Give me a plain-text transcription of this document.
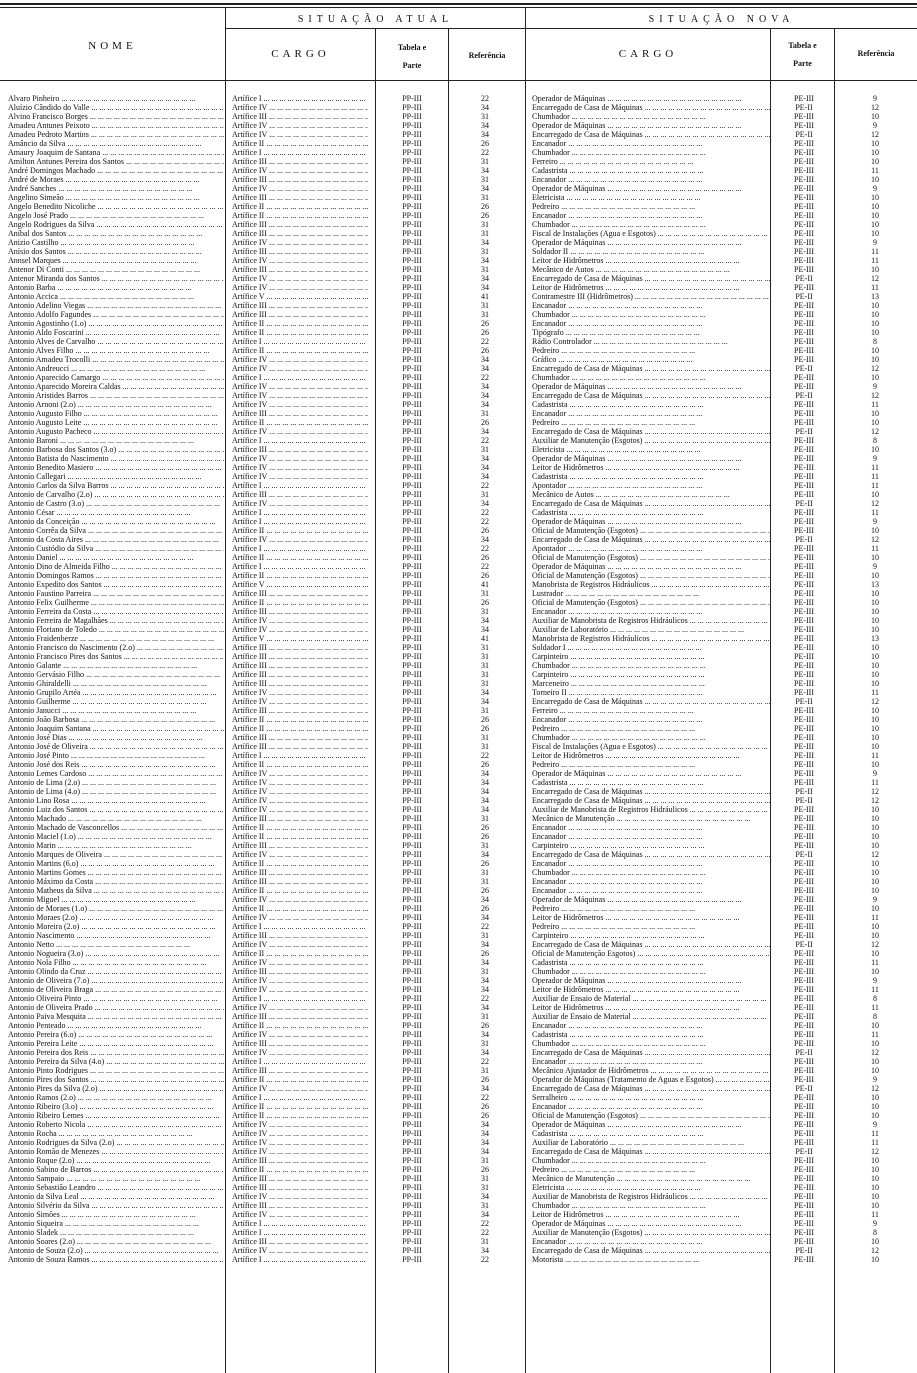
NOME
SITUAÇÃO ATUAL	SITUAÇÃO NOVA
CARGO
Tabela e
Parte
Referência	CARGO
Tabela e
Parte
Referência
Alvaro Pinheiro ... .	Artífice I ... .	PP-III	22	Operador de Máquinas ... .	PE-III	9
Aluízio Cândido do Valle ... .	Artífice IV ... .	PP-III	34	Encarregado de Casa de Máquinas ... .	PE-II	12
Alvino Francisco Borges ... .	Artífice III ... .	PP-III	31	Chumbador ... .	PE-III	10
Amadeu Antunes Peixoto ... .	Artífice IV ... .	PP-III	34	Operador de Máquinas ... .	PE-III	9
Amadeu Pedroto Martins ... .	Artífice IV ... .	PP-III	34	Encarregado de Casa de Máquinas ... .	PE-II	12
Amâncio da Silva ... .	Artífice II ... .	PP-III	26	Encanador ... .	PE-III	10
Amaury Joaquim de Santana ... .	Artífice I ... .	PP-III	22	Chumbador ... .	PE-III	10
Amilton Antunes Pereira dos Santos ... .	Artífice III ... .	PP-III	31	Ferreiro ... .	PE-III	10
André Domingos Machado ... .	Artífice IV ... .	PP-III	34	Cadastrista ... .	PE-III	11
André de Moraes ... .	Artífice III ... .	PP-III	31	Encanador ... .	PE-III	10
André Sanches ... .	Artífice IV ... .	PP-III	34	Operador de Máquinas ... .	PE-III	9
Angelino Simeão ... .	Artífice III ... .	PP-III	31	Eletricista ... .	PE-III	10
Angelo Benedito Nicoliche ... .	Artífice II ... .	PP-III	26	Pedreiro ... .	PE-III	10
Angelo José Prado ... .	Artífice II ... .	PP-III	26	Encanador ... .	PE-III	10
Angelo Rodrigues da Silva ... .	Artífice III ... .	PP-III	31	Chumbador ... .	PE-III	10
Aníbal dos Santos ... .	Artífice III ... .	PP-III	31	Fiscal de Instalações (Agua e Esgotos) ... .	PE-III	10
Anizio Castilho ... .	Artífice IV ... .	PP-III	34	Operador de Máquinas ... .	PE-III	9
Anísio dos Santos ... .	Artífice III ... .	PP-III	31	Soldador II ... .	PE-III	11
Annsel Marques ... .	Artífice IV ... .	PP-III	34	Leitor de Hidrômetros ... .	PE-III	11
Antenor Di Conti ... .	Artífice III ... .	PP-III	31	Mecânico de Autos ... .	PE-III	10
Antenor Miranda dos Santos ... .	Artífice IV ... .	PP-III	34	Encarregado de Casa de Máquinas ... .	PE-II	12
Antonio Barba ... .	Artífice IV ... .	PP-III	34	Leitor de Hidrômetros ... .	PE-III	11
Antonio Accica ... .	Artífice V ... .	PP-III	41	Contramestre III (Hidrômetros) ... .	PE-II	13
Antonio Adelino Viegas ... .	Artífice III ... .	PP-III	31	Encanador ... .	PE-III	10
Antonio Adolfo Fagundes ... .	Artífice III ... .	PP-III	31	Chumbador ... .	PE-III	10
Antonio Agostinho (1.o) ... .	Artífice II ... .	PP-III	26	Encanador ... .	PE-III	10
Antonio Aldo Foscarini ... .	Artífice II ... .	PP-III	26	Tipógrafo ... .	PE-III	10
Antonio Alves de Carvalho ... .	Artífice I ... .	PP-III	22	Rádio Controlador ... .	PE-III	8
Antonio Alves Filho ... .	Artífice II ... .	PP-III	26	Pedreiro ... .	PE-III	10
Antonio Amadeu Trocolli ... .	Artífice IV ... .	PP-III	34	Gráfico ... .	PE-III	10
Antonio Andreucci ... .	Artífice IV ... .	PP-III	34	Encarregado de Casa de Máquinas ... .	PE-II	12
Antonio Aparecido Camargo ... .	Artífice I ... .	PP-III	22	Chumbador ... .	PE-III	10
Antonio Aparecido Moreira Caldas ... .	Artífice IV ... .	PP-III	34	Operador de Máquinas ... .	PE-III	9
Antonio Aristides Barros ... .	Artífice IV ... .	PP-III	34	Encarregado de Casa de Máquinas ... .	PE-II	12
Antonio Arnoni (2.o) ... .	Artífice IV ... .	PP-III	34	Cadastrista ... .	PE-III	11
Antonio Augusto Filho ... .	Artífice III ... .	PP-III	31	Encanador ... .	PE-III	10
Antonio Augusto Leite ... .	Artífice II ... .	PP-III	26	Pedreiro ... .	PE-III	10
Antonio Augusto Pacheco ... .	Artífice IV ... .	PP-III	34	Encarregado de Casa de Máquinas ... .	PE-II	12
Antonio Baroni ... .	Artífice I ... .	PP-III	22	Auxiliar de Manutenção (Esgotos) ... .	PE-III	8
Antonio Barbosa dos Santos (3.o) ... .	Artífice III ... .	PP-III	31	Eletricista ... .	PE-III	10
Antonio Batista do Nascimento ... .	Artífice IV ... .	PP-III	34	Operador de Máquinas ... .	PE-III	9
Antonio Benedito Masiero ... .	Artífice IV ... .	PP-III	34	Leitor de Hidrômetros ... .	PE-III	11
Antonio Callegari ... .	Artífice IV ... .	PP-III	34	Cadastrista ... .	PE-III	11
Antonio Carlos da Silva Barros ... .	Artífice I ... .	PP-III	22	Apontador ... .	PE-III	11
Antonio de Carvalho (2.o) ... .	Artífice III ... .	PP-III	31	Mecânico de Autos ... .	PE-III	10
Antonio de Castro (3.o) ... .	Artífice IV ... .	PP-III	34	Encarregado de Casa de Máquinas ... .	PE-II	12
Antonio César ... .	Artífice I ... .	PP-III	22	Cadastrista ... .	PE-III	11
Antonio da Conceição ... .	Artífice I ... .	PP-III	22	Operador de Máquinas ... .	PE-III	9
Antonio Corrêa da Silva ... .	Artífice II ... .	PP-III	26	Oficial de Manutenção (Esgotos) ... .	PE-III	10
Antonio da Costa Aires ... .	Artífice IV ... .	PP-III	34	Encarregado de Casa de Máquinas ... .	PE-II	12
Antonio Custódio da Silva ... .	Artífice I ... .	PP-III	22	Apontador ... .	PE-III	11
Antonio Daniel ... .	Artífice II ... .	PP-III	26	Oficial de Manutenção (Esgotos) ... .	PE-III	10
Antonio Dino de Almeida Filho ... .	Artífice I ... .	PP-III	22	Operador de Máquinas ... .	PE-III	9
Antonio Domingos Ramos ... .	Artífice II ... .	PP-III	26	Oficial de Manutenção (Esgotos) ... .	PE-III	10
Antonio Expedito dos Santos ... .	Artífice V ... .	PP-III	41	Manobrista de Registros Hidráulicos ... .	PE-III	13
Antonio Faustino Parreira ... .	Artífice III ... .	PP-III	31	Lustrador ... .	PE-III	10
Antonio Felix Guilherme ... .	Artífice II ... .	PP-III	26	Oficial de Manutenção (Esgotos) ... .	PE-III	10
Antonio Ferreira da Costa ... .	Artífice III ... .	PP-III	31	Encanador ... .	PE-III	10
Antonio Ferreira de Magalhães ... .	Artífice IV ... .	PP-III	34	Auxiliar de Manobrista de Registros Hidráulicos ... .	PE-III	10
Antonio Floriano de Toledo ... .	Artífice IV ... .	PP-III	34	Auxiliar de Laboratório ... .	PE-III	10
Antonio Fraidenberze ... .	Artífice V ... .	PP-III	41	Manobrista de Registros Hidráulicos ... .	PE-III	13
Antonio Francisco do Nascimento (2.o) ... .	Artífice III ... .	PP-III	31	Soldador I ... .	PE-III	10
Antonio Francisco Pires dos Santos ... .	Artífice III ... .	PP-III	31	Carpinteiro ... .	PE-III	10
Antonio Galante ... .	Artífice III ... .	PP-III	31	Chumbador ... .	PE-III	10
Antonio Gervásio Filho ... .	Artífice III ... .	PP-III	31	Carpinteiro ... .	PE-III	10
Antonio Ghiraldelli ... .	Artífice III ... .	PP-III	31	Marceneiro ... .	PE-III	10
Antonio Grupilo Artéa ... .	Artífice IV ... .	PP-III	34	Torneiro II ... .	PE-III	11
Antonio Guilherme ... .	Artífice IV ... .	PP-III	34	Encarregado de Casa de Máquinas ... .	PE-II	12
Antonio Janucci ... .	Artífice III ... .	PP-III	31	Ferreiro ... .	PE-III	10
Antonio João Barbosa ... .	Artífice II ... .	PP-III	26	Encanador ... .	PE-III	10
Antonio Joaquim Santana ... .	Artífice II ... .	PP-III	26	Pedreiro ... .	PE-III	10
Antonio José Dias ... .	Artífice III ... .	PP-III	31	Chumbador ... .	PE-III	10
Antonio José de Oliveira ... .	Artífice III ... .	PP-III	31	Fiscal de Instalações (Agua e Esgotos) ... .	PE-III	10
Antonio José Pinto ... .	Artífice I ... .	PP-III	22	Leitor de Hidrômetros ... .	PE-III	11
Antonio José dos Reis ... .	Artífice II ... .	PP-III	26	Pedreiro ... .	PE-III	10
Antonio Lemes Cardoso ... .	Artífice IV ... .	PP-III	34	Operador de Máquinas ... .	PE-III	9
Antonio de Lima (2.o) ... .	Artífice IV ... .	PP-III	34	Cadastrista ... .	PE-III	11
Antonio de Lima (4.o) ... .	Artífice IV ... .	PP-III	34	Encarregado de Casa de Máquinas ... .	PE-II	12
Antonio Lino Rosa ... .	Artífice IV ... .	PP-III	34	Encarregado de Casa de Máquinas ... .	PE-II	12
Antonio Luiz dos Santos ... .	Artífice IV ... .	PP-III	34	Auxiliar de Manobrista de Registros Hidráulicos ... .	PE-III	10
Antonio Machado ... .	Artífice III ... .	PP-III	31	Mecânico de Manutenção ... .	PE-III	10
Antonio Machado de Vasconcellos ... .	Artífice II ... .	PP-III	26	Encanador ... .	PE-III	10
Antonio Maciel (1.o) ... .	Artífice II ... .	PP-III	26	Encanador ... .	PE-III	10
Antonio Marin ... .	Artífice III ... .	PP-III	31	Carpinteiro ... .	PE-III	10
Antonio Marques de Oliveira ... .	Artífice IV ... .	PP-III	34	Encarregado de Casa de Máquinas ... .	PE-II	12
Antonio Martins (6.o) ... .	Artífice II ... .	PP-III	26	Encanador ... .	PE-III	10
Antonio Martins Gomes ... .	Artífice III ... .	PP-III	31	Chumbador ... .	PE-III	10
Antonio Máximo da Costa ... .	Artífice III ... .	PP-III	31	Encanador ... .	PE-III	10
Antonio Matheus da Silva ... .	Artífice II ... .	PP-III	26	Encanador ... .	PE-III	10
Antonio Miguel ... .	Artífice IV ... .	PP-III	34	Operador de Máquinas ... .	PE-III	9
Antonio de Moraes (1.o) ... .	Artífice II ... .	PP-III	26	Pedreiro ... .	PE-III	10
Antonio Moraes (2.o) ... .	Artífice IV ... .	PP-III	34	Leitor de Hidrômetros ... .	PE-III	11
Antonio Moreira (2.o) ... .	Artífice I ... .	PP-III	22	Pedreiro ... .	PE-III	10
Antonio Nascimento ... .	Artífice III ... .	PP-III	31	Carpinteiro ... .	PE-III	10
Antonio Netto ... .	Artífice IV ... .	PP-III	34	Encarregado de Casa de Máquinas ... .	PE-II	12
Antonio Nogueira (3.o) ... .	Artífice II ... .	PP-III	26	Oficial de Manutenção Esgotos) ... .	PE-III	10
Antonio Nola Filho ... .	Artífice IV ... .	PP-III	34	Cadastrista ... .	PE-III	11
Antonio Olindo da Cruz ... .	Artífice III ... .	PP-III	31	Chumbador ... .	PE-III	10
Antonio de Oliveira (7.o) ... .	Artífice IV ... .	PP-III	34	Operador de Máquinas ... .	PE-III	9
Antonio de Oliveira Braga ... .	Artífice IV ... .	PP-III	34	Leitor de Hidrômetros ... .	PE-III	11
Antonio Oliveira Pinto ... .	Artífice I ... .	PP-III	22	Auxiliar de Ensaio de Material ... .	PE-III	8
Antonio de Oliveira Prado ... .	Artífice IV ... .	PP-III	34	Leitor de Hidrômetros ... .	PE-III	11
Antonio Paiva Mesquita ... .	Artífice III ... .	PP-III	31	Auxiliar de Ensaio de Material ... .	PE-III	8
Antonio Penteado ... .	Artífice II ... .	PP-III	26	Encanador ... .	PE-III	10
Antonio Pereira (6.o) ... .	Artífice IV ... .	PP-III	34	Cadastrista ... .	PE-III	11
Antonio Pereira Leite ... .	Artífice III ... .	PP-III	31	Chumbador ... .	PE-III	10
Antonio Pereira dos Reis ... .	Artífice IV ... .	PP-III	34	Encarregado de Casa de Máquinas ... .	PE-II	12
Antonio Pereira da Silva (4.o) ... .	Artífice I ... .	PP-III	22	Encanador ... .	PE-III	10
Antonio Pinto Rodrigues ... .	Artífice III ... .	PP-III	31	Mecânico Ajustador de Hidrômetros ... .	PE-III	10
Antonio Pires dos Santos ... .	Artífice II ... .	PP-III	26	Operador de Máquinas (Tratamento de Aguas e Esgotos) ... .	PE-III	9
Antonio Pires da Silva (2.o) ... .	Artífice IV ... .	PP-III	34	Encarregado de Casa de Máquinas ... .	PE-II	12
Antonio Ramos (2.o) ... .	Artífice I ... .	PP-III	22	Serralheiro ... .	PE-III	10
Antonio Ribeiro (3.o) ... .	Artífice II ... .	PP-III	26	Encanador ... .	PE-III	10
Antonio Ribeiro Lemes ... .	Artífice II ... .	PP-III	26	Oficial de Manutenção (Esgotos) ... .	PE-III	10
Antonio Roberto Nicola ... .	Artífice IV ... .	PP-III	34	Operador de Máquinas ... .	PE-III	9
Antonio Rocha ... .	Artífice IV ... .	PP-III	34	Cadastrista ... .	PE-III	11
Antonio Rodrigues da Silva (2.o) ... .	Artífice IV ... .	PP-III	34	Auxiliar de Laboratório ... .	PE-III	11
Antonio Romão de Menezes ... .	Artífice IV ... .	PP-III	34	Encarregado de Casa de Máquinas ... .	PE-II	12
Antonio Roque (2.o) ... .	Artífice III ... .	PP-III	31	Chumbador ... .	PE-III	10
Antonio Sabino de Barros ... .	Artífice II ... .	PP-III	26	Pedreiro ... .	PE-III	10
Antonio Sampaio ... .	Artífice III ... .	PP-III	31	Mecânico de Manutenção ... .	PE-III	10
Antonio Sebastião Leandro ... .	Artífice III ... .	PP-III	31	Eletricista ... .	PE-III	10
Antonio da Silva Leal ... .	Artífice IV ... .	PP-III	34	Auxiliar de Manobrista de Registros Hidráulicos ... .	PE-III	10
Antonio Silvério da Silva ... .	Artífice III ... .	PP-III	31	Chumbador ... .	PE-III	10
Antonio Simões ... .	Artífice IV ... .	PP-III	34	Leitor de Hidrômetros ... .	PE-III	11
Antonio Siqueira ... .	Artífice I ... .	PP-III	22	Operador de Máquinas ... .	PE-III	9
Antonio Sladek ... .	Artífice I ... .	PP-III	22	Auxiliar de Manutenção (Esgotos) ... .	PE-III	8
Antonio Soares (2.o) ... .	Artífice III ... .	PP-III	31	Encanador ... .	PE-III	10
Antonio de Souza (2.o) ... .	Artífice IV ... .	PP-III	34	Encarregado de Casa de Máquinas ... .	PE-II	12
Antonio de Souza Ramos ... .	Artífice I ... .	PP-III	22	Motorista ... .	PE-III	10
